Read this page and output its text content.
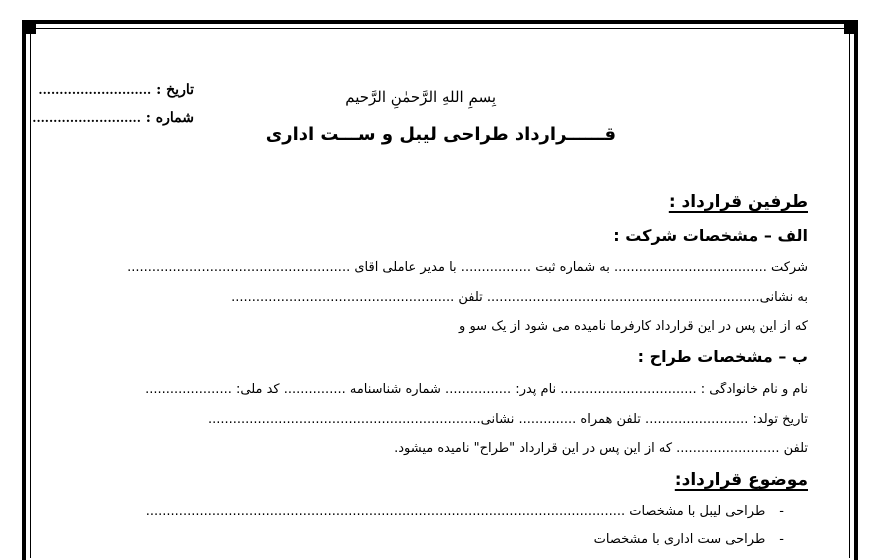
تاریخ : ...........................
شماره : ..........................
بِسمِ اللهِ الرَّحمٰنِ الرَّحیم
قــــــرارداد طراحی لیبل و ســـت اداری
طرفین قرارداد :
الف – مشخصات شرکت :
شرکت ..................................... به شماره ثبت ................. با مدیر عاملی آقای ......................................................
به نشانی.................................................................. تلفن ......................................................
که از این پس در این قرارداد کارفرما نامیده می شود از یک سو و
ب – مشخصات طراح :
نام و نام خانوادگی : ................................. نام پدر: ................ شماره شناسنامه ............... کد ملی: .....................
تاریخ تولد: ......................... تلفن همراه .............. نشانی..................................................................
تلفن ......................... که از این پس در این قرارداد "طراح" نامیده میشود.
موضوع قرارداد:
-طراحی لیبل با مشخصات ....................................................................................................................
-طراحی ست اداری با مشخصات
